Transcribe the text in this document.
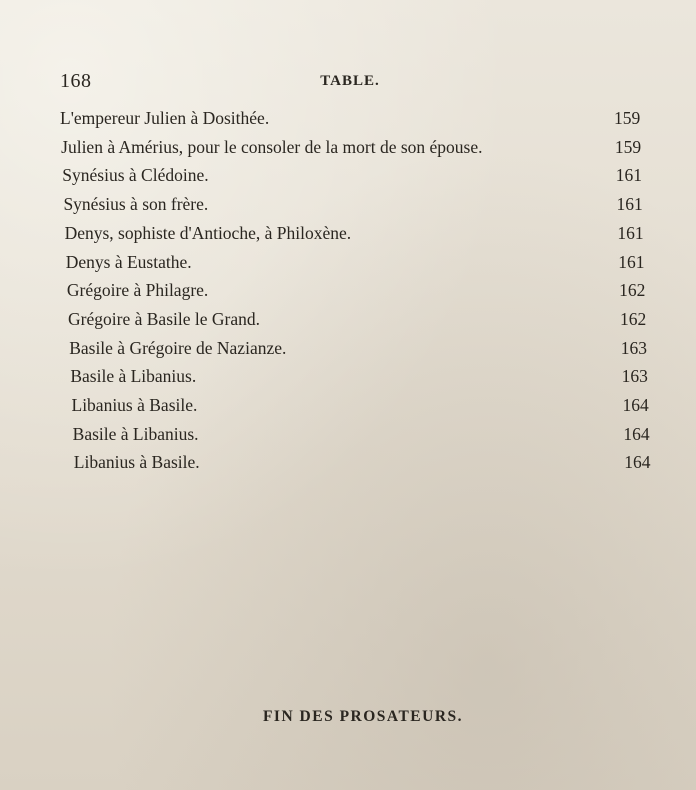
168	TABLE.
L'empereur Julien à Dosithée.	159
Julien à Amérius, pour le consoler de la mort de son épouse.	159
Synésius à Clédoine.	161
Synésius à son frère.	161
Denys, sophiste d'Antioche, à Philoxène.	161
Denys à Eustathe.	161
Grégoire à Philagre.	162
Grégoire à Basile le Grand.	162
Basile à Grégoire de Nazianze.	163
Basile à Libanius.	163
Libanius à Basile.	164
Basile à Libanius.	164
Libanius à Basile.	164
FIN DES PROSATEURS.
